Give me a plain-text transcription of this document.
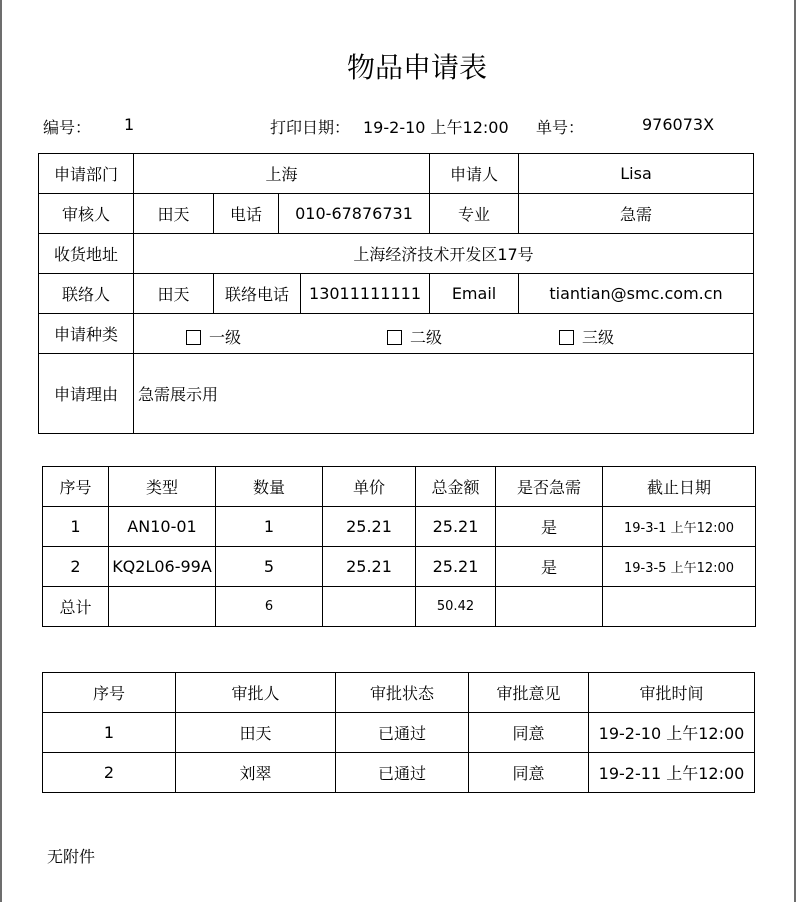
物品申请表
编号： 1	打印日期： 19-2-10 上午12:00 单号：	976073X
申请部门	上海				申请人	Lisa
审核人	田天	电话	010-67876731		专业	急需
收货地址	上海经济技术开发区17号					
联络人	田天	联络电话		13011111111	Email	tiantian@smc.com.cn
申请种类	一级 二级 三级					

申请理由	急需展示用					
序号	类型	数量	单价	总金额	是否急需	截止日期
1	AN10-01	1	25.21	25.21	是	19-3-1 上午12:00
2	KQ2L06-99A	5	25.21	25.21	是	19-3-5 上午12:00
总计		6		50.42		
序号	审批人	审批状态	审批意见	审批时间
1	田天	已通过	同意	19-2-10 上午12:00
2	刘翠	已通过	同意	19-2-11 上午12:00
无附件
